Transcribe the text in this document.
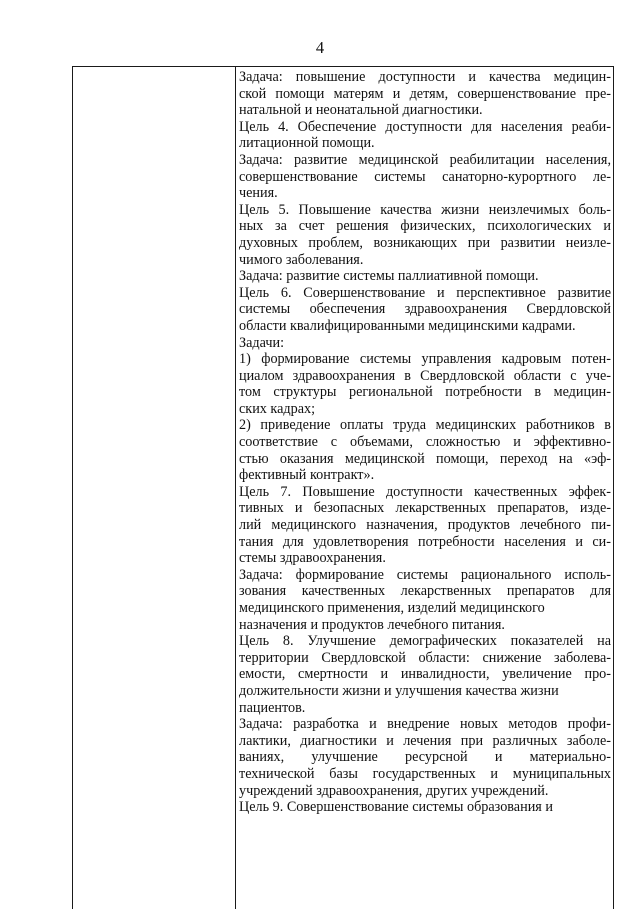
4

Задача: повышение доступности и качества медицин-
ской помощи матерям и детям, совершенствование пре-
натальной и неонатальной диагностики.
Цель 4. Обеспечение доступности для населения реаби-
литационной помощи.
Задача: развитие медицинской реабилитации населения,
совершенствование системы санаторно-курортного ле-
чения.
Цель 5. Повышение качества жизни неизлечимых боль-
ных за счет решения физических, психологических и
духовных проблем, возникающих при развитии неизле-
чимого заболевания.
Задача: развитие системы паллиативной помощи.
Цель 6. Совершенствование и перспективное развитие
системы обеспечения здравоохранения Свердловской
области квалифицированными медицинскими кадрами.
Задачи:
1) формирование системы управления кадровым потен-
циалом здравоохранения в Свердловской области с уче-
том структуры региональной потребности в медицин-
ских кадрах;
2) приведение оплаты труда медицинских работников в
соответствие с объемами, сложностью и эффективно-
стью оказания медицинской помощи, переход на «эф-
фективный контракт».
Цель 7. Повышение доступности качественных эффек-
тивных и безопасных лекарственных препаратов, изде-
лий медицинского назначения, продуктов лечебного пи-
тания для удовлетворения потребности населения и си-
стемы здравоохранения.
Задача: формирование системы рационального исполь-
зования качественных лекарственных препаратов для
медицинского применения, изделий медицинского
назначения и продуктов лечебного питания.
Цель 8. Улучшение демографических показателей на
территории Свердловской области: снижение заболева-
емости, смертности и инвалидности, увеличение про-
должительности жизни и улучшения качества жизни
пациентов.
Задача: разработка и внедрение новых методов профи-
лактики, диагностики и лечения при различных заболе-
ваниях, улучшение ресурсной и материально-
технической базы государственных и муниципальных
учреждений здравоохранения, других учреждений.
Цель 9. Совершенствование системы образования и
